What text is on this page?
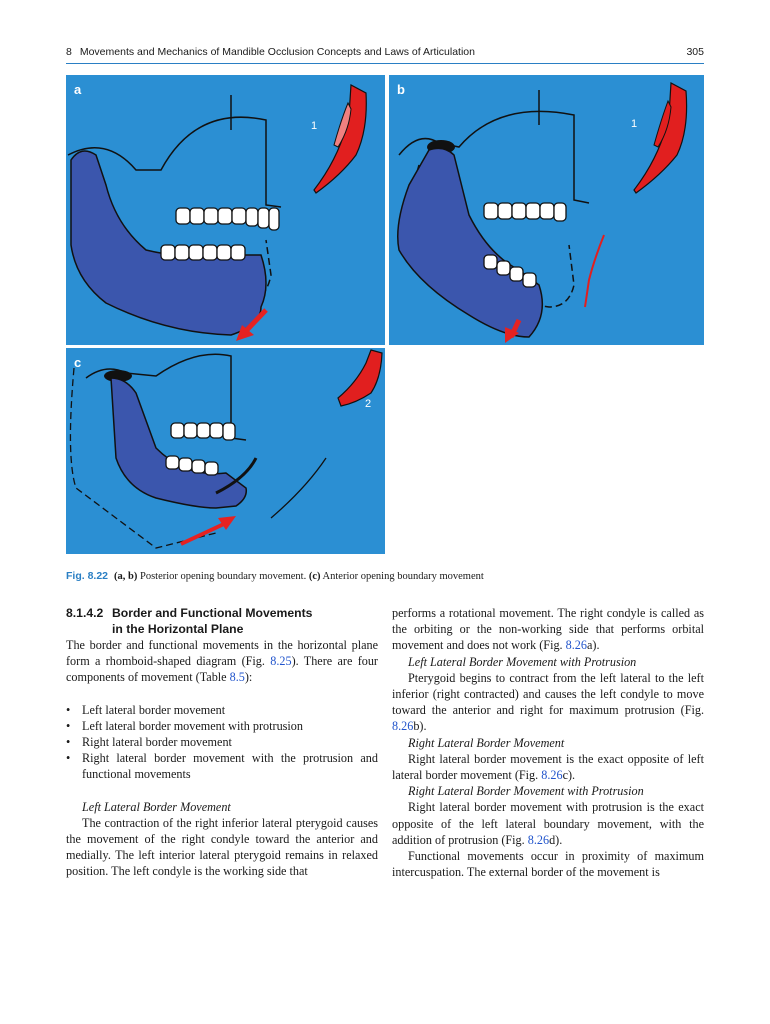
8 Movements and Mechanics of Mandible Occlusion Concepts and Laws of Articulation	305
a
1
b
1
c
2
Fig. 8.22 (a, b) Posterior opening boundary movement. (c) Anterior opening boundary movement
8.1.4.2 Border and Functional Movements
in the Horizontal Plane

The border and functional movements in the horizontal plane form a rhomboid-shaped diagram (Fig. 8.25). There are four components of movement (Table 8.5):

• Left lateral border movement
• Left lateral border movement with protrusion
• Right lateral border movement
• Right lateral border movement with the protrusion and functional movements

Left Lateral Border Movement

The contraction of the right inferior lateral pterygoid causes the movement of the right condyle toward the anterior and medially. The left interior lateral pterygoid remains in relaxed position. The left condyle is the working side that

performs a rotational movement. The right condyle is called as the orbiting or the non-working side that performs orbital movement and does not work (Fig. 8.26a).

Left Lateral Border Movement with Protrusion

Pterygoid begins to contract from the left lateral to the left inferior (right contracted) and causes the left condyle to move toward the anterior and right for maximum protrusion (Fig. 8.26b).

Right Lateral Border Movement

Right lateral border movement is the exact opposite of left lateral border movement (Fig. 8.26c).

Right Lateral Border Movement with Protrusion

Right lateral border movement with protrusion is the exact opposite of the left lateral boundary movement, with the addition of protrusion (Fig. 8.26d).

Functional movements occur in proximity of maximum intercuspation. The external border of the movement is
